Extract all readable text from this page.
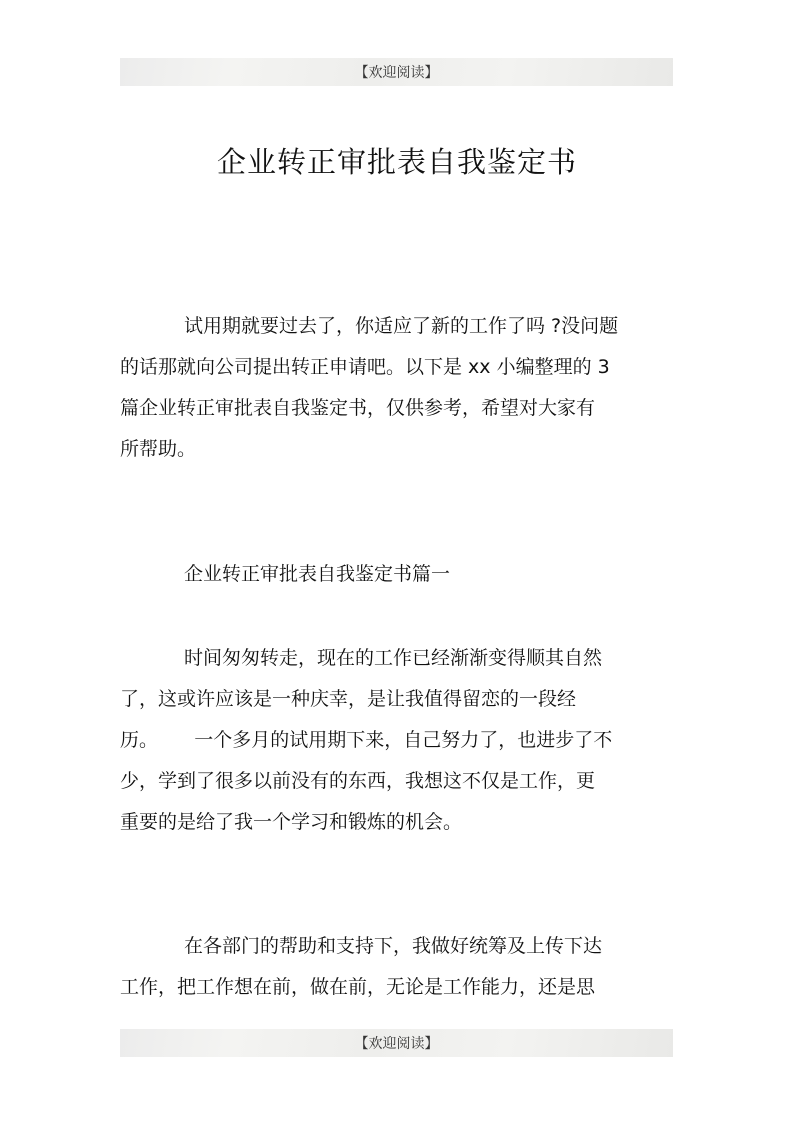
【欢迎阅读】
企业转正审批表自我鉴定书
试用期就要过去了，你适应了新的工作了吗 ?没问题
的话那就向公司提出转正申请吧。以下是 xx 小编整理的 3
篇企业转正审批表自我鉴定书，仅供参考，希望对大家有
所帮助。
企业转正审批表自我鉴定书篇一
时间匆匆转走，现在的工作已经渐渐变得顺其自然
了，这或许应该是一种庆幸，是让我值得留恋的一段经
历。      一个多月的试用期下来，自己努力了，也进步了不
少，学到了很多以前没有的东西，我想这不仅是工作，更
重要的是给了我一个学习和锻炼的机会。
在各部门的帮助和支持下，我做好统筹及上传下达
工作，把工作想在前，做在前，无论是工作能力，还是思
【欢迎阅读】
